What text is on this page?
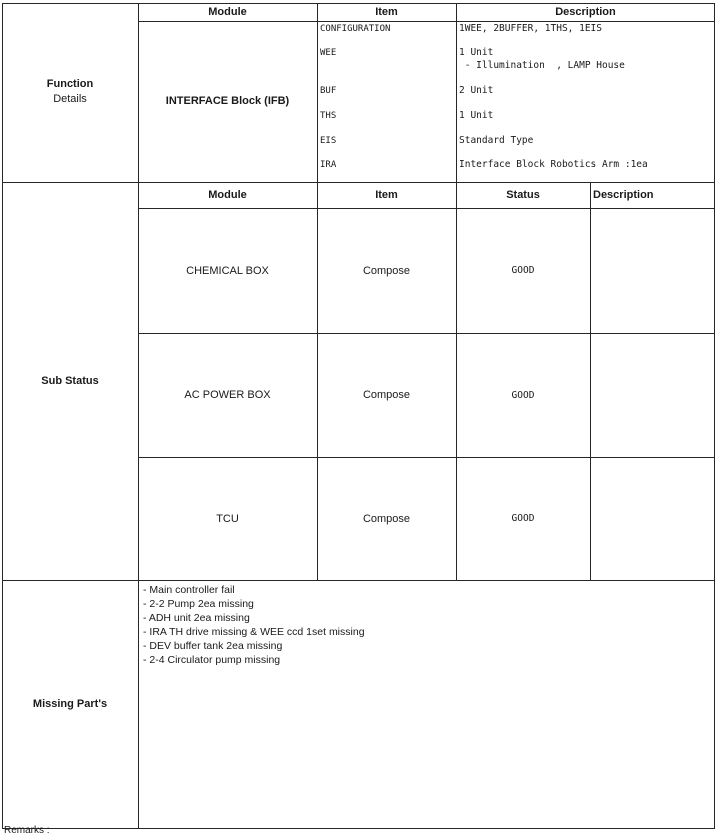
Module	Item	Description
Function
Details	INTERFACE Block (IFB)
CONFIGURATION	1WEE, 2BUFFER, 1THS, 1EIS
WEE	1 Unit
- Illumination  , LAMP House
BUF	2 Unit
THS	1 Unit
EIS	Standard Type
IRA	Interface Block Robotics Arm :1ea
Module	Item	Status	Description
Sub Status
CHEMICAL BOX	Compose	GOOD
AC POWER BOX	Compose	GOOD
TCU	Compose	GOOD
Missing Part's
- Main controller fail
- 2-2 Pump 2ea missing
- ADH unit 2ea missing
- IRA TH drive missing & WEE ccd 1set missing
- DEV buffer tank 2ea missing
- 2-4 Circulator pump missing
Remarks :
